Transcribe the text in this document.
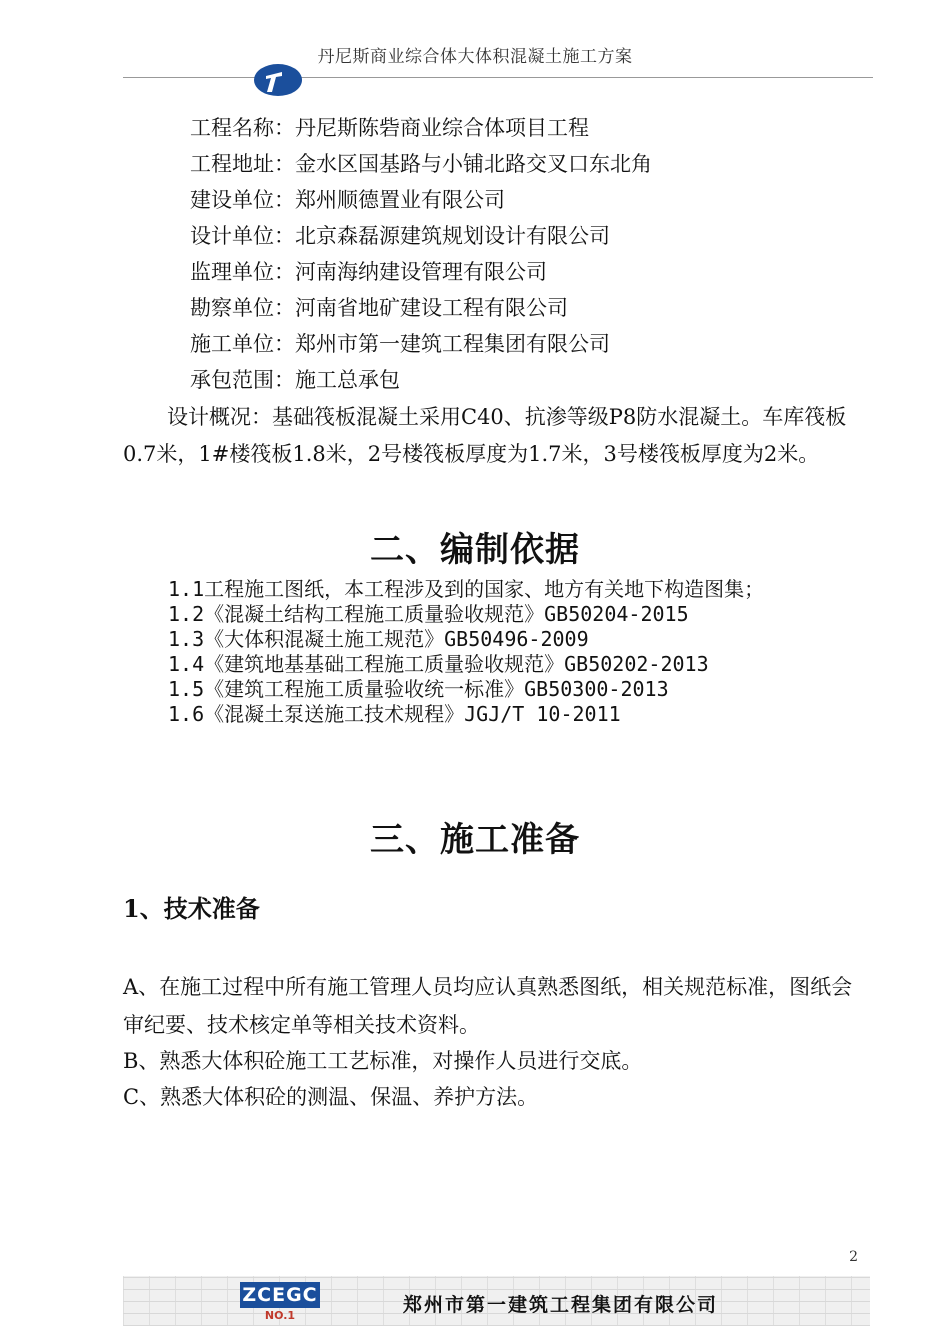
丹尼斯商业综合体大体积混凝土施工方案
工程名称：丹尼斯陈砦商业综合体项目工程
工程地址：金水区国基路与小铺北路交叉口东北角
建设单位：郑州顺德置业有限公司
设计单位：北京森磊源建筑规划设计有限公司
监理单位：河南海纳建设管理有限公司
勘察单位：河南省地矿建设工程有限公司
施工单位：郑州市第一建筑工程集团有限公司
承包范围：施工总承包
设计概况：基础筏板混凝土采用C40、抗渗等级P8防水混凝土。车库筏板
0.7米，1#楼筏板1.8米，2号楼筏板厚度为1.7米，3号楼筏板厚度为2米。
二、编制依据
1.1工程施工图纸，本工程涉及到的国家、地方有关地下构造图集；
1.2《混凝土结构工程施工质量验收规范》GB50204-2015
1.3《大体积混凝土施工规范》GB50496-2009
1.4《建筑地基基础工程施工质量验收规范》GB50202-2013
1.5《建筑工程施工质量验收统一标准》GB50300-2013
1.6《混凝土泵送施工技术规程》JGJ/T 10-2011
三、施工准备
1、技术准备
A、在施工过程中所有施工管理人员均应认真熟悉图纸，相关规范标准，图纸会
审纪要、技术核定单等相关技术资料。
B、熟悉大体积砼施工工艺标准，对操作人员进行交底。
C、熟悉大体积砼的测温、保温、养护方法。
2
ZCEGC
NO.1	郑州市第一建筑工程集团有限公司
